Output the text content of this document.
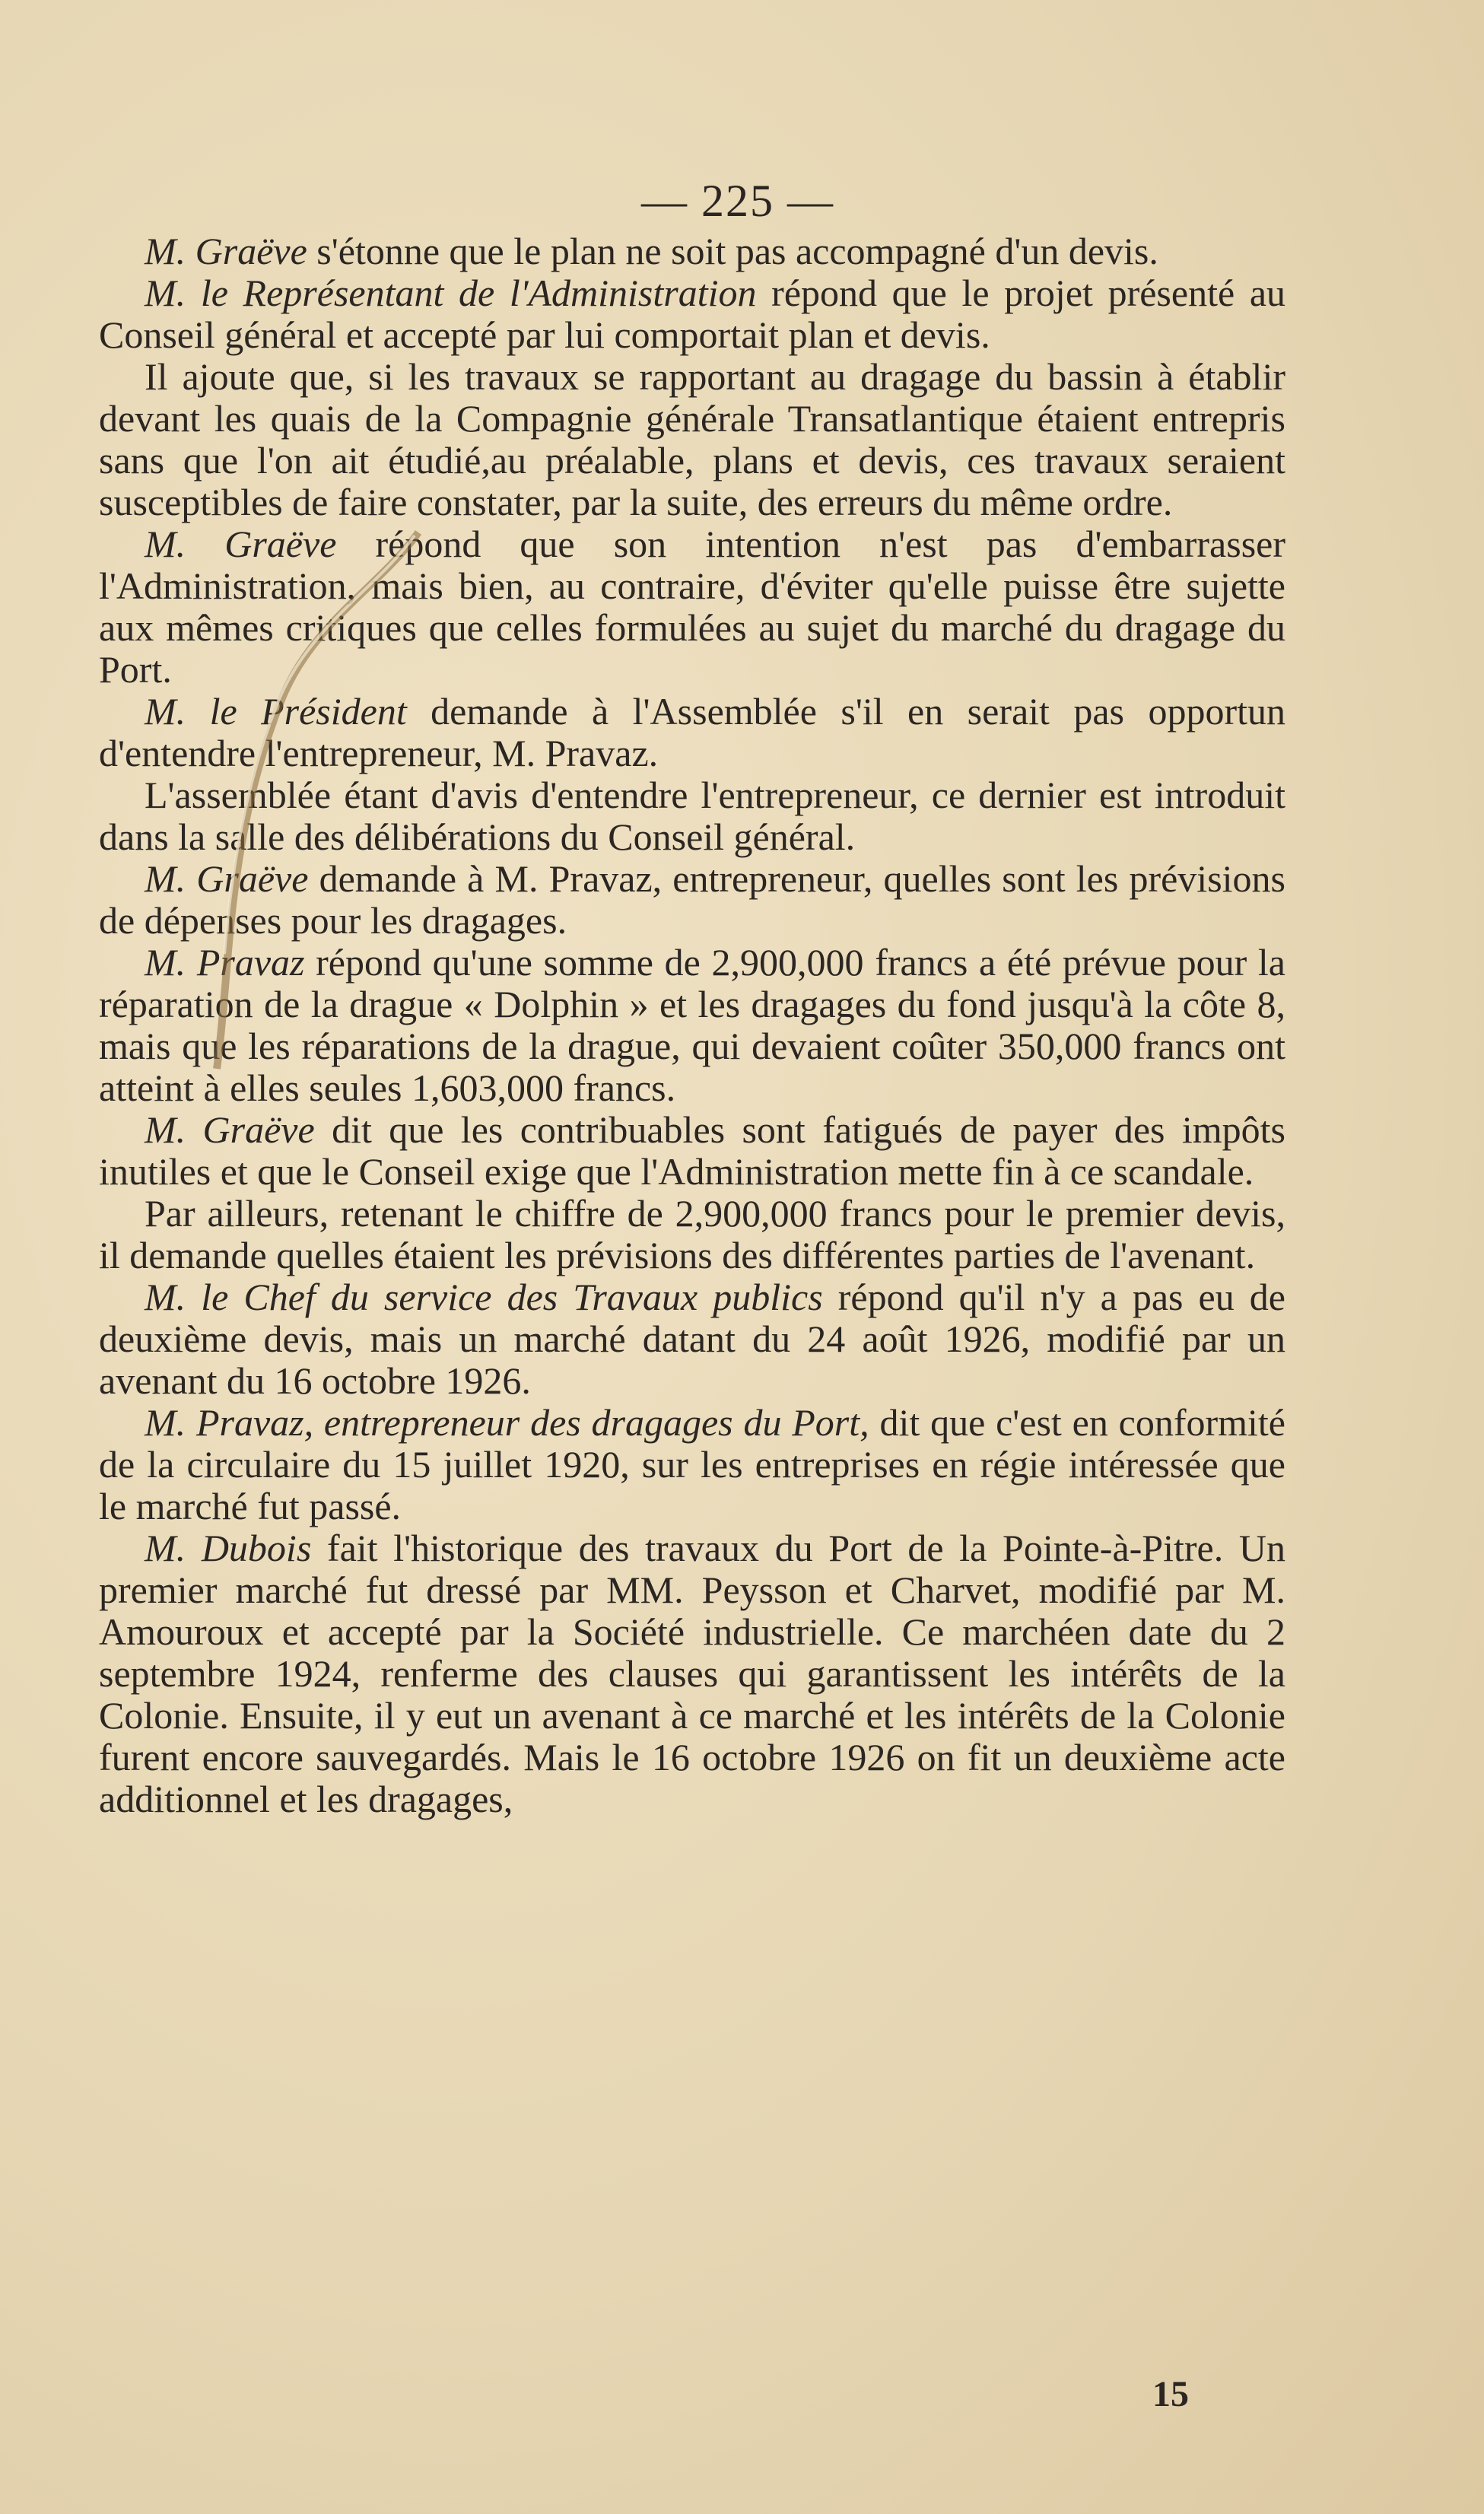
— 225 —

M. Graëve s'étonne que le plan ne soit pas accompagné d'un devis.

M. le Représentant de l'Administration répond que le projet présenté au Conseil général et accepté par lui comportait plan et devis.

Il ajoute que, si les travaux se rapportant au dragage du bassin à établir devant les quais de la Compagnie générale Transatlantique étaient entrepris sans que l'on ait étudié,au préalable, plans et devis, ces travaux seraient susceptibles de faire constater, par la suite, des erreurs du même ordre.

M. Graëve répond que son intention n'est pas d'embarrasser l'Administration, mais bien, au contraire, d'éviter qu'elle puisse être sujette aux mêmes critiques que celles formulées au sujet du marché du dragage du Port.

M. le Président demande à l'Assemblée s'il en serait pas opportun d'entendre l'entrepreneur, M. Pravaz.

L'assemblée étant d'avis d'entendre l'entrepreneur, ce dernier est introduit dans la salle des délibérations du Conseil général.

M. Graëve demande à M. Pravaz, entrepreneur, quelles sont les prévisions de dépenses pour les dragages.

M. Pravaz répond qu'une somme de 2,900,000 francs a été prévue pour la réparation de la drague « Dolphin » et les dragages du fond jusqu'à la côte 8, mais que les réparations de la drague, qui devaient coûter 350,000 francs ont atteint à elles seules 1,603,000 francs.

M. Graëve dit que les contribuables sont fatigués de payer des impôts inutiles et que le Conseil exige que l'Administration mette fin à ce scandale.

Par ailleurs, retenant le chiffre de 2,900,000 francs pour le premier devis, il demande quelles étaient les prévisions des différentes parties de l'avenant.

M. le Chef du service des Travaux publics répond qu'il n'y a pas eu de deuxième devis, mais un marché datant du 24 août 1926, modifié par un avenant du 16 octobre 1926.

M. Pravaz, entrepreneur des dragages du Port, dit que c'est en conformité de la circulaire du 15 juillet 1920, sur les entreprises en régie intéressée que le marché fut passé.

M. Dubois fait l'historique des travaux du Port de la Pointe-à-Pitre. Un premier marché fut dressé par MM. Peysson et Charvet, modifié par M. Amouroux et accepté par la Société industrielle. Ce marchéen date du 2 septembre 1924, renferme des clauses qui garantissent les intérêts de la Colonie. Ensuite, il y eut un avenant à ce marché et les intérêts de la Colonie furent encore sauvegardés. Mais le 16 octobre 1926 on fit un deuxième acte additionnel et les dragages,

15
